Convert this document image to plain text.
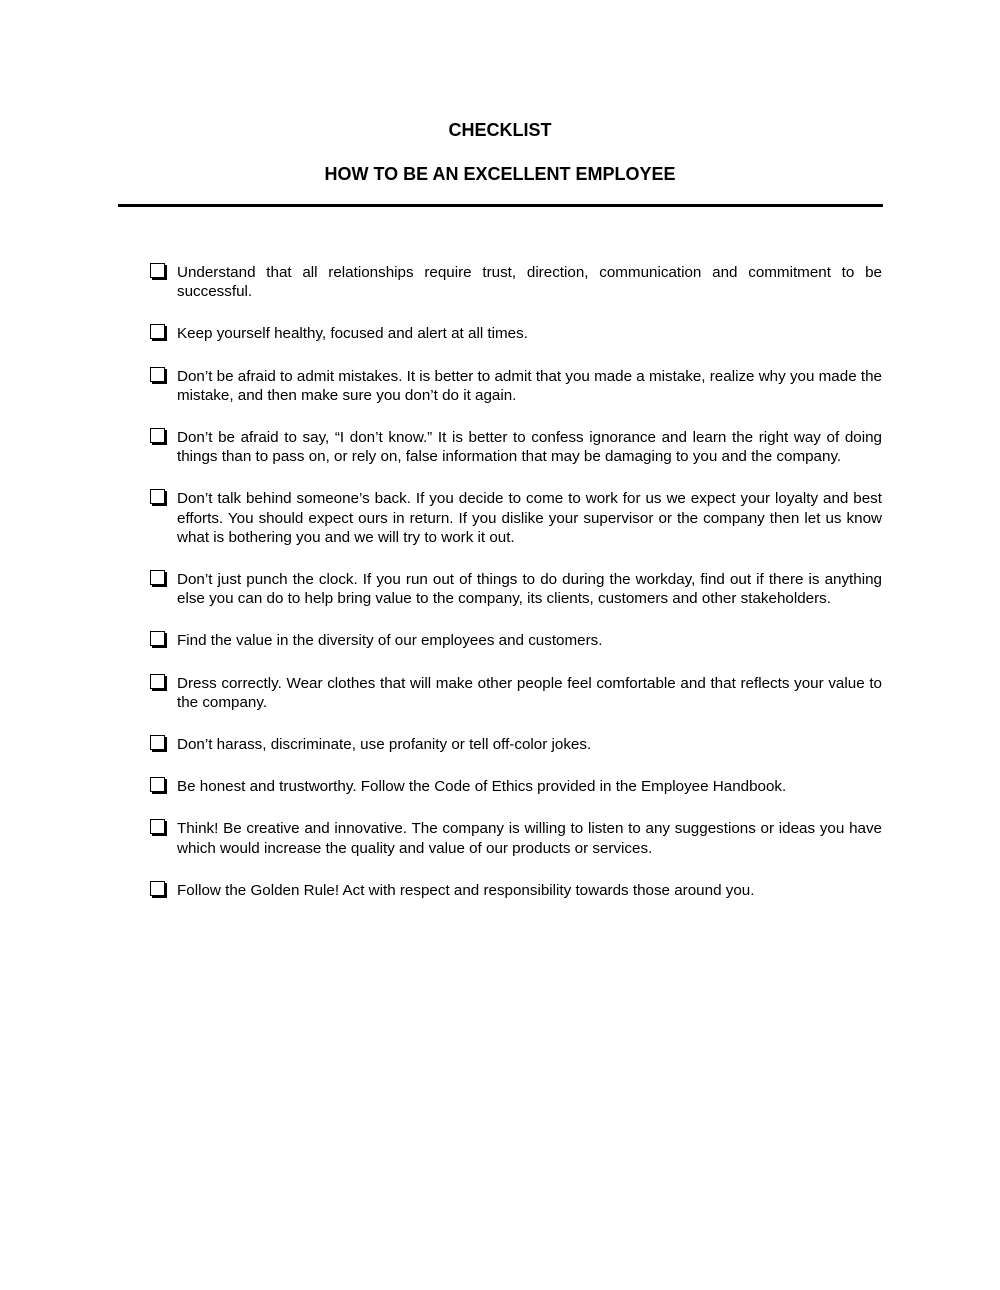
CHECKLIST
HOW TO BE AN EXCELLENT EMPLOYEE
Understand that all relationships require trust, direction, communication and commitment to be successful.
Keep yourself healthy, focused and alert at all times.
Don’t be afraid to admit mistakes. It is better to admit that you made a mistake, realize why you made the mistake, and then make sure you don’t do it again.
Don’t be afraid to say, “I don’t know.” It is better to confess ignorance and learn the right way of doing things than to pass on, or rely on, false information that may be damaging to you and the company.
Don’t talk behind someone’s back. If you decide to come to work for us we expect your loyalty and best efforts. You should expect ours in return. If you dislike your supervisor or the company then let us know what is bothering you and we will try to work it out.
Don’t just punch the clock. If you run out of things to do during the workday, find out if there is anything else you can do to help bring value to the company, its clients, customers and other stakeholders.
Find the value in the diversity of our employees and customers.
Dress correctly. Wear clothes that will make other people feel comfortable and that reflects your value to the company.
Don’t harass, discriminate, use profanity or tell off-color jokes.
Be honest and trustworthy. Follow the Code of Ethics provided in the Employee Handbook.
Think! Be creative and innovative. The company is willing to listen to any suggestions or ideas you have which would increase the quality and value of our products or services.
Follow the Golden Rule! Act with respect and responsibility towards those around you.
